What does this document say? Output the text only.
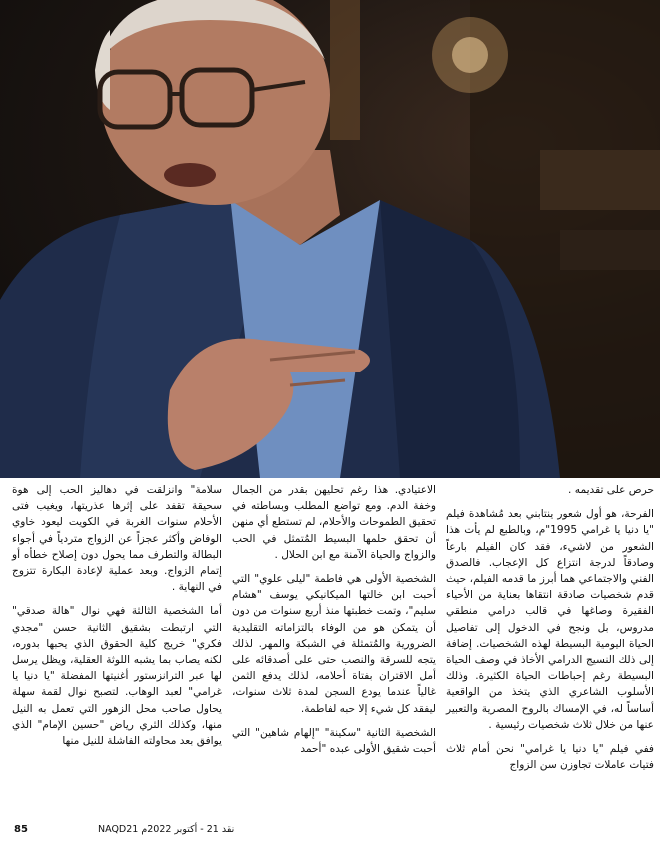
حرص على تقديمه .

الفرحة، هو أول شعور ينتابني بعد مُشاهدة فيلم "يا دنيا يا غرامي 1995"م، وبالطبع لم يأت هذا الشعور من لاشيء، فقد كان الفيلم بارعاً وصادقاً لدرجة انتزاع كل الإعجاب. فالصدق الفني والاجتماعي هما أبرز ما قدمه الفيلم، حيث قدم شخصيات صادقة انتقاها بعناية من الأحياء الفقيرة وصاغها في قالب درامي منطقي مدروس، بل ونجح في الدخول إلى تفاصيل الحياة اليومية البسيطة لهذه الشخصيات. إضافة إلى ذلك النسيج الدرامي الأخاذ في وصف الحياة البسيطة رغم إحباطات الحياة الكثيرة. وذلك الأسلوب الشاعري الذي يتخذ من الواقعية أساساً له، في الإمساك بالروح المصرية والتعبير عنها من خلال ثلاث شخصيات رئيسية .

ففي فيلم "يا دنيا يا غرامي" نحن أمام ثلاث فتيات عاملات تجاوزن سن الزواج

الاعتيادي. هذا رغم تحليهن بقدر من الجمال وخفة الدم. ومع تواضع المطلب وبساطته في تحقيق الطموحات والأحلام، لم تستطع أي منهن أن تحقق حلمها البسيط المُتمثل في الحب والزواج والحياة الآمنة مع ابن الحلال .

الشخصية الأولى هي فاطمة "ليلى علوي" التي أحبت ابن خالتها الميكانيكي يوسف "هشام سليم"، وتمت خطبتها منذ أربع سنوات من دون أن يتمكن هو من الوفاء بالتزاماته التقليدية الضرورية والمُتمثلة في الشبكة والمهر. لذلك يتجه للسرقة والنصب حتى على أصدقائه على أمل الاقتران بفتاة أحلامه، لذلك يدفع الثمن غالياً عندما يودع السجن لمدة ثلاث سنوات، ليفقد كل شيء إلا حبه لفاطمة.

الشخصية الثانية "سكينة" "إلهام شاهين" التي أحبت شقيق الأولى عبده "أحمد

سلامة" وانزلقت في دهاليز الحب إلى هوة سحيقة تقفد على إثرها عذريتها، ويغيب فتى الأحلام سنوات الغربة في الكويت ليعود خاوي الوفاض وأكثر عجزاً عن الزواج متردياً في أجواء البطالة والتطرف مما يحول دون إصلاح خطأه أو إتمام الزواج. وبعد عملية لإعادة البكارة تتزوج في النهاية .

أما الشخصية الثالثة فهي نوال "هالة صدقي" التي ارتبطت بشقيق الثانية حسن "مجدي فكري" خريج كلية الحقوق الذي يحبها بدوره، لكنه يصاب بما يشبه اللوثة العقلية، ويظل يرسل لها عبر الترانزستور أغنيتها المفضلة "يا دنيا يا غرامي" لعبد الوهاب. لتصبح نوال لقمة سهلة يحاول صاحب محل الزهور التي تعمل به النيل منها، وكذلك الثري رياض "حسين الإمام" الذي يوافق بعد محاولته الفاشلة للنيل منها

85	NAQD21 نقد 21 - أكتوبر 2022م
